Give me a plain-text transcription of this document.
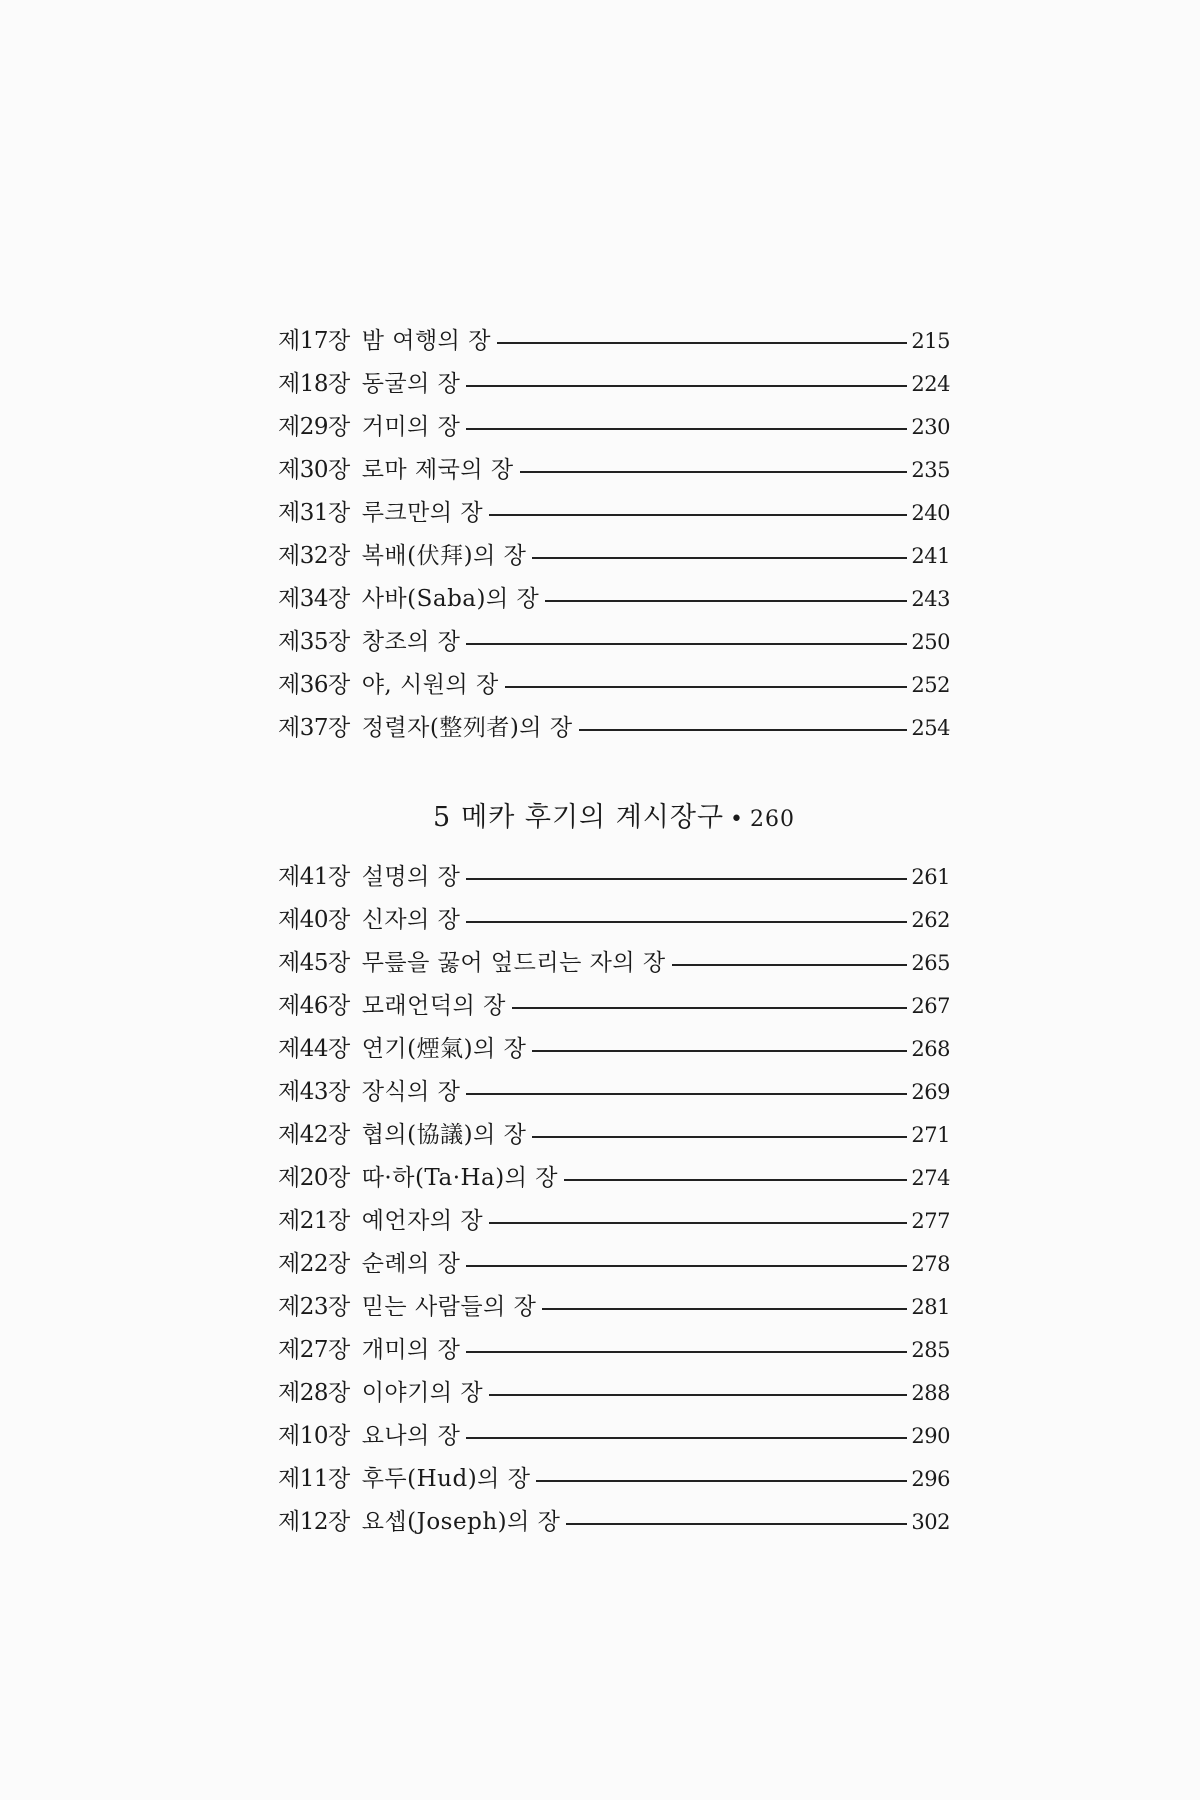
제17장 밤 여행의 장	215
제18장 동굴의 장	224
제29장 거미의 장	230
제30장 로마 제국의 장	235
제31장 루크만의 장	240
제32장 복배(伏拜)의 장	241
제34장 사바(Saba)의 장	243
제35장 창조의 장	250
제36장 야, 시원의 장	252
제37장 정렬자(整列者)의 장	254
5 메카 후기의 계시장구 • 260
제41장 설명의 장	261
제40장 신자의 장	262
제45장 무릎을 꿇어 엎드리는 자의 장	265
제46장 모래언덕의 장	267
제44장 연기(煙氣)의 장	268
제43장 장식의 장	269
제42장 협의(協議)의 장	271
제20장 따·하(Ta·Ha)의 장	274
제21장 예언자의 장	277
제22장 순례의 장	278
제23장 믿는 사람들의 장	281
제27장 개미의 장	285
제28장 이야기의 장	288
제10장 요나의 장	290
제11장 후두(Hud)의 장	296
제12장 요셉(Joseph)의 장	302
